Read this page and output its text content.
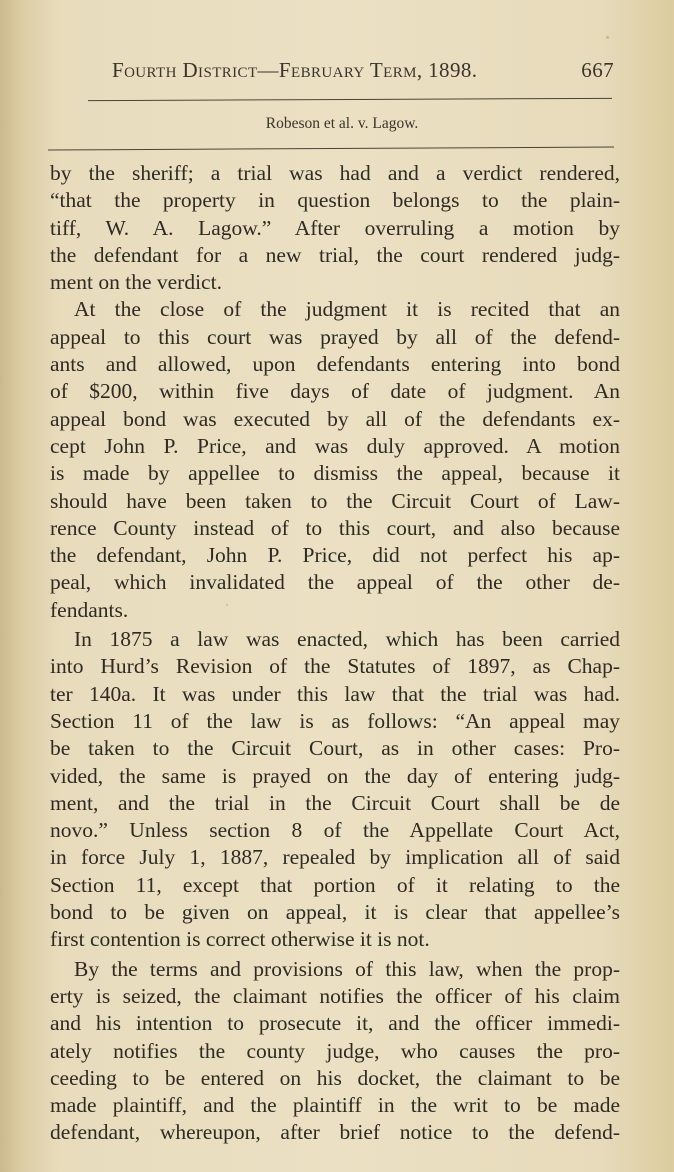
Fourth District—February Term, 1898.	667
Robeson et al. v. Lagow.
by the sheriff; a trial was had and a verdict rendered,
“that the property in question belongs to the plain-
tiff, W. A. Lagow.” After overruling a motion by
the defendant for a new trial, the court rendered judg-
ment on the verdict.
At the close of the judgment it is recited that an
appeal to this court was prayed by all of the defend-
ants and allowed, upon defendants entering into bond
of $200, within five days of date of judgment. An
appeal bond was executed by all of the defendants ex-
cept John P. Price, and was duly approved. A motion
is made by appellee to dismiss the appeal, because it
should have been taken to the Circuit Court of Law-
rence County instead of to this court, and also because
the defendant, John P. Price, did not perfect his ap-
peal, which invalidated the appeal of the other de-
fendants.
In 1875 a law was enacted, which has been carried
into Hurd’s Revision of the Statutes of 1897, as Chap-
ter 140a. It was under this law that the trial was had.
Section 11 of the law is as follows: “An appeal may
be taken to the Circuit Court, as in other cases: Pro-
vided, the same is prayed on the day of entering judg-
ment, and the trial in the Circuit Court shall be de
novo.” Unless section 8 of the Appellate Court Act,
in force July 1, 1887, repealed by implication all of said
Section 11, except that portion of it relating to the
bond to be given on appeal, it is clear that appellee’s
first contention is correct otherwise it is not.
By the terms and provisions of this law, when the prop-
erty is seized, the claimant notifies the officer of his claim
and his intention to prosecute it, and the officer immedi-
ately notifies the county judge, who causes the pro-
ceeding to be entered on his docket, the claimant to be
made plaintiff, and the plaintiff in the writ to be made
defendant, whereupon, after brief notice to the defend-
